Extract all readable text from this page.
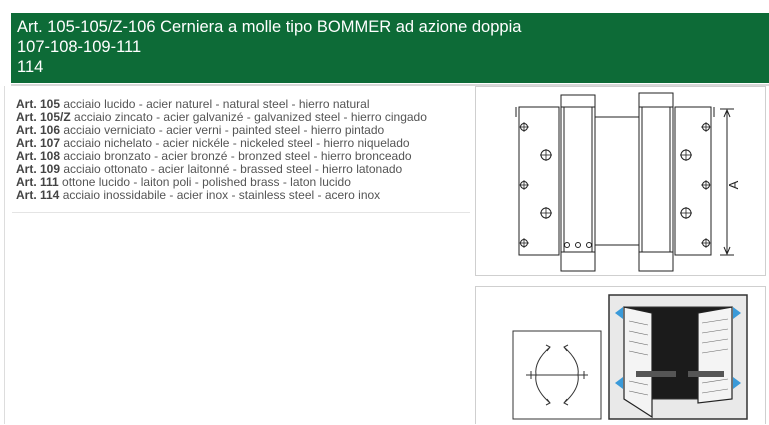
Art. 105-105/Z-106 Cerniera a molle tipo BOMMER ad azione doppia
107-108-109-111
114
Art. 105 acciaio lucido - acier naturel - natural steel - hierro natural
Art. 105/Z acciaio zincato - acier galvanizé - galvanized steel - hierro cingado
Art. 106 acciaio verniciato - acier verni - painted steel - hierro pintado
Art. 107 acciaio nichelato - acier nickéle - nickeled steel - hierro niquelado
Art. 108 acciaio bronzato - acier bronzé - bronzed steel - hierro bronceado
Art. 109 acciaio ottonato - acier laitonné - brassed steel - hierro latonado
Art. 111 ottone lucido - laiton poli - polished brass - laton lucido
Art. 114 acciaio inossidabile - acier inox - stainless steel - acero inox
A
